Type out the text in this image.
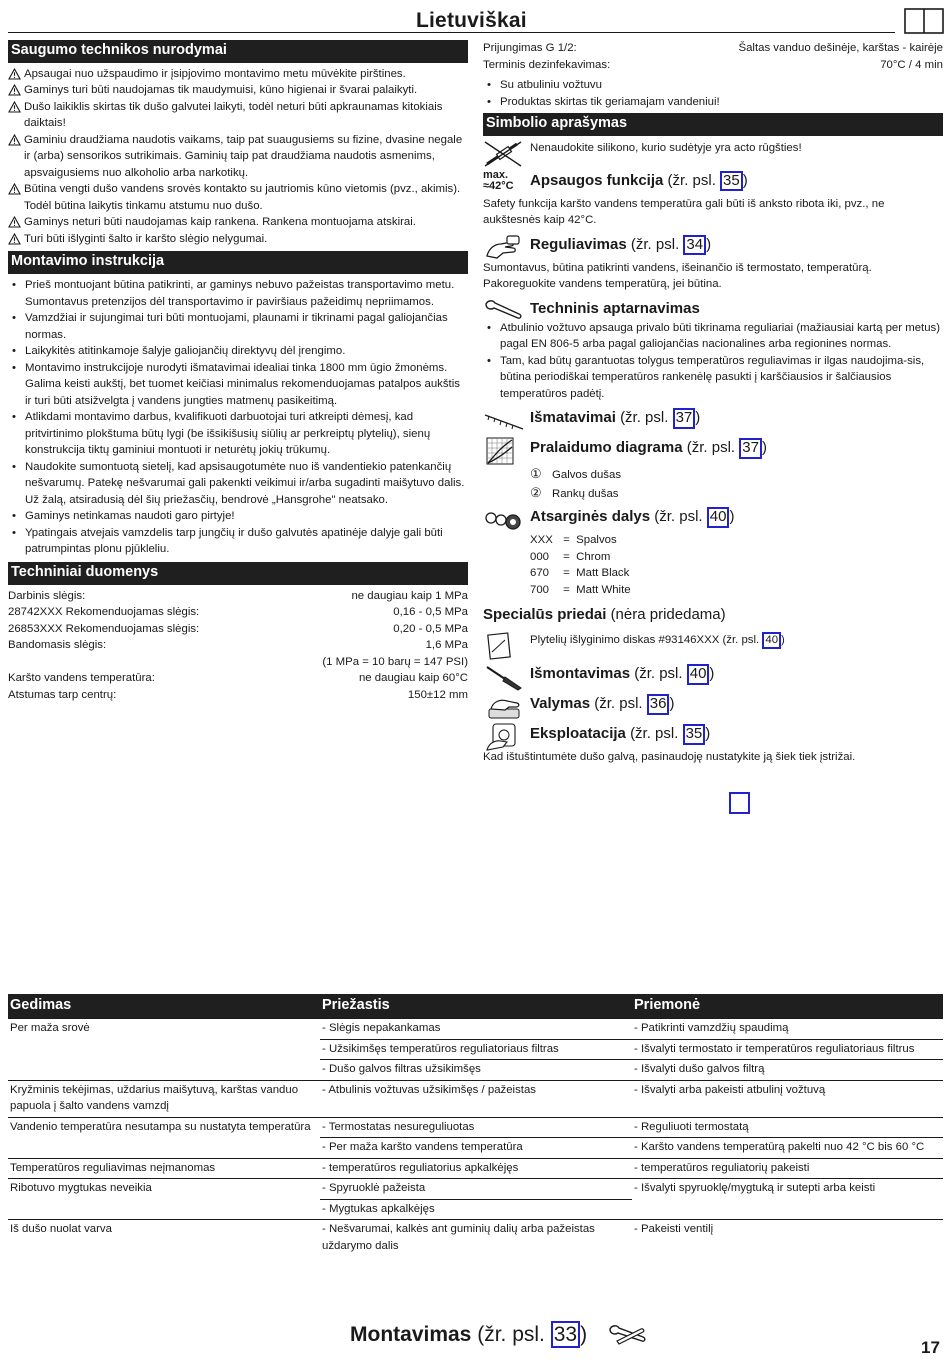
Lietuviškai
Saugumo technikos nurodymai
Apsaugai nuo užspaudimo ir įsipjovimo montavimo metu mūvėkite pirštines.
Gaminys turi būti naudojamas tik maudymuisi, kūno higienai ir švarai palaikyti.
Dušo laikiklis skirtas tik dušo galvutei laikyti, todėl neturi būti apkraunamas kitokiais daiktais!
Gaminiu draudžiama naudotis vaikams, taip pat suaugusiems su fizine, dvasine negale ir (arba) sensorikos sutrikimais. Gaminių taip pat draudžiama naudotis asmenims, apsvaigusiems nuo alkoholio arba narkotikų.
Būtina vengti dušo vandens srovės kontakto su jautriomis kūno vietomis (pvz., akimis). Todėl būtina laikytis tinkamu atstumu nuo dušo.
Gaminys neturi būti naudojamas kaip rankena. Rankena montuojama atskirai.
Turi būti išlyginti šalto ir karšto slėgio nelygumai.
Montavimo instrukcija
• Prieš montuojant būtina patikrinti, ar gaminys nebuvo pažeistas transportavimo metu. Sumontavus pretenzijos dėl transportavimo ir paviršiaus pažeidimų nepriimamos.
• Vamzdžiai ir sujungimai turi būti montuojami, plaunami ir tikrinami pagal galiojančias normas.
• Laikykitės atitinkamoje šalyje galiojančių direktyvų dėl įrengimo.
• Montavimo instrukcijoje nurodyti išmatavimai idealiai tinka 1800 mm ūgio žmonėms. Galima keisti aukštį, bet tuomet keičiasi minimalus rekomenduojamas patalpos aukštis ir turi būti atsižvelgta į vandens jungties matmenų pasikeitimą.
• Atlikdami montavimo darbus, kvalifikuoti darbuotojai turi atkreipti dėmesį, kad pritvirtinimo plokštuma būtų lygi (be išsikišusių siūlių ar perkreiptų plytelių), sienų konstrukcija tiktų gaminiui montuoti ir neturėtų jokių trūkumų.
• Naudokite sumontuotą sietelį, kad apsisaugotumėte nuo iš vandentiekio patenkančių nešvarumų. Patekę nešvarumai gali pakenkti veikimui ir/arba sugadinti maišytuvo dalis. Už žalą, atsiradusią dėl šių priežasčių, bendrovė „Hansgrohe" neatsako.
• Gaminys netinkamas naudoti garo pirtyje!
• Ypatingais atvejais vamzdelis tarp jungčių ir dušo galvutės apatinėje dalyje gali būti patrumpintas plonu pjūkleliu.
Techniniai duomenys
Darbinis slėgis:	ne daugiau kaip 1 MPa
28742XXX Rekomenduojamas slėgis:	0,16 - 0,5 MPa
26853XXX Rekomenduojamas slėgis:	0,20 - 0,5 MPa
Bandomasis slėgis:	1,6 MPa
(1 MPa = 10 barų = 147 PSI)
Karšto vandens temperatūra:	ne daugiau kaip 60°C
Atstumas tarp centrų:	150±12 mm
Prijungimas G 1/2:	Šaltas vanduo dešinėje, karštas - kairėje
Terminis dezinfekavimas:	70°C / 4 min
• Su atbuliniu vožtuvu
• Produktas skirtas tik geriamajam vandeniui!
Simbolio aprašymas
Nenaudokite silikono, kurio sudėtyje yra acto rūgšties!
max.
≈42°C Apsaugos funkcija (žr. psl. 35 )
Safety funkcija karšto vandens temperatūra gali būti iš anksto ribota iki, pvz., ne aukštesnės kaip 42°C.
Reguliavimas (žr. psl. 34 )
Sumontavus, būtina patikrinti vandens, išeinančio iš termostato, temperatūrą. Pakoreguokite vandens temperatūrą, jei būtina.
Techninis aptarnavimas
• Atbulinio vožtuvo apsauga privalo būti tikrinama reguliariai (mažiausiai kartą per metus) pagal EN 806-5 arba pagal galiojančias nacionalines arba regionines normas.
• Tam, kad būtų garantuotas tolygus temperatūros reguliavimas ir ilgas naudojima-sis, būtina periodiškai temperatūros rankenėlę pasukti į karščiausios ir šalčiausios temperatūros padėtį.
Išmatavimai (žr. psl. 37 )
Pralaidumo diagrama (žr. psl. 37 )
① Galvos dušas
② Rankų dušas
Atsarginės dalys (žr. psl. 40 )
XXX =  Spalvos
000 =  Chrom
670 =  Matt Black
700 =  Matt White
Specialūs priedai (nėra pridedama)
Plytelių išlyginimo diskas #93146XXX (žr. psl. 40 )
Išmontavimas (žr. psl. 40 )
Valymas (žr. psl. 36 )
Eksploatacija (žr. psl. 35 )
Kad ištuštintumėte dušo galvą, pasinaudoję nustatykite ją šiek tiek įstrižai.
Gedimas	Priežastis	Priemonė
Per maža srovė	- Slėgis nepakankamas	- Patikrinti vamzdžių spaudimą
	- Užsikimšęs temperatūros reguliatoriaus filtras	- Išvalyti termostato ir temperatūros reguliatoriaus filtrus
	- Dušo galvos filtras užsikimšęs	- Išvalyti dušo galvos filtrą
Kryžminis tekėjimas, uždarius maišytuvą, karštas vanduo papuola į šalto vandens vamzdį	- Atbulinis vožtuvas užsikimšęs / pažeistas	- Išvalyti arba pakeisti atbulinį vožtuvą
Vandenio temperatūra nesutampa su nustatyta temperatūra	- Termostatas nesureguliuotas	- Reguliuoti termostatą
	- Per maža karšto vandens temperatūra	- Karšto vandens temperatūrą pakelti nuo 42 °C bis 60 °C
Temperatūros reguliavimas neįmanomas	- temperatūros reguliatorius apkalkėjęs	- temperatūros reguliatorių pakeisti
Ribotuvo mygtukas neveikia	- Spyruoklė pažeista	- Išvalyti spyruoklę/mygtuką ir sutepti arba keisti
	- Mygtukas apkalkėjęs	
Iš dušo nuolat varva	- Nešvarumai, kalkės ant guminių dalių arba pažeistas uždarymo dalis	- Pakeisti ventilį
Montavimas (žr. psl. 33 )
17
